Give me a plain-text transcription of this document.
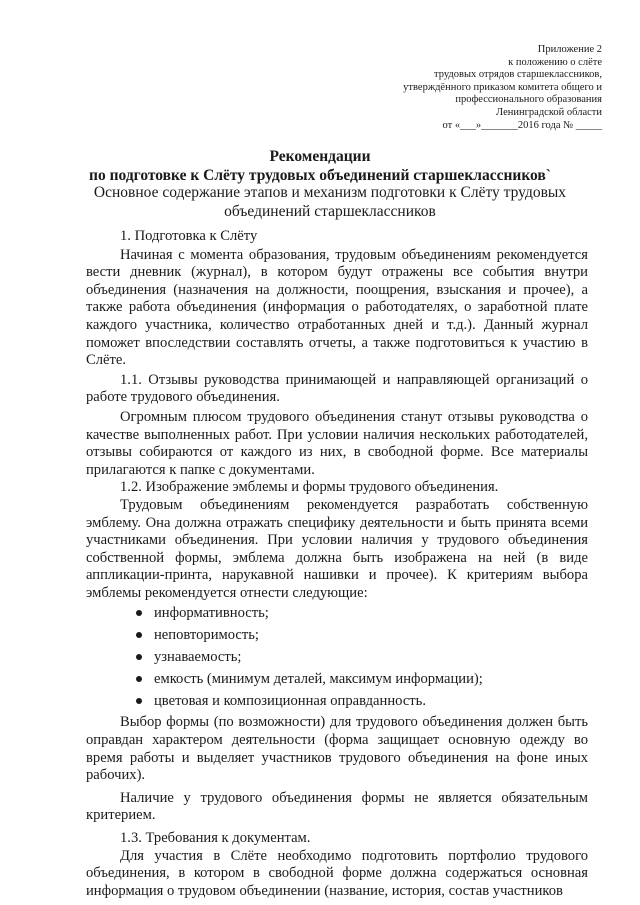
Приложение 2
к положению о слёте
трудовых отрядов старшеклассников,
утверждённого приказом комитета общего и
профессионального образования
Ленинградской области
от «___»_______2016 года № _____
Рекомендации
по подготовке к Слёту трудовых объединений старшеклассников`
Основное содержание этапов и механизм подготовки к Слёту трудовых объединений старшеклассников

1. Подготовка к Слёту

Начиная с момента образования, трудовым объединениям рекомендуется вести дневник (журнал), в котором будут отражены все события внутри объединения (назначения на должности, поощрения, взыскания и прочее), а также работа объединения (информация о работодателях, о заработной плате каждого участника, количество отработанных дней и т.д.). Данный журнал поможет впоследствии составлять отчеты, а также подготовиться к участию в Слёте.

1.1. Отзывы руководства принимающей и направляющей организаций о работе трудового объединения.

Огромным плюсом трудового объединения станут отзывы руководства о качестве выполненных работ. При условии наличия нескольких работодателей, отзывы собираются от каждого из них, в свободной форме. Все материалы прилагаются к папке с документами.

1.2. Изображение эмблемы и формы трудового объединения.

Трудовым объединениям рекомендуется разработать собственную эмблему. Она должна отражать специфику деятельности и быть принята всеми участниками объединения. При условии наличия у трудового объединения собственной формы, эмблема должна быть изображена на ней (в виде аппликации-принта, нарукавной нашивки и прочее). К критериям выбора эмблемы рекомендуется отнести следующие:

информативность;
неповторимость;
узнаваемость;
емкость (минимум деталей, максимум информации);
цветовая и композиционная оправданность.

Выбор формы (по возможности) для трудового объединения должен быть оправдан характером деятельности (форма защищает основную одежду во время работы и выделяет участников трудового объединения на фоне иных рабочих).

Наличие у трудового объединения формы не является обязательным критерием.

1.3. Требования к документам.

Для участия в Слёте необходимо подготовить портфолио трудового объединения, в котором в свободной форме должна содержаться основная информация о трудовом объединении (название, история, состав участников
